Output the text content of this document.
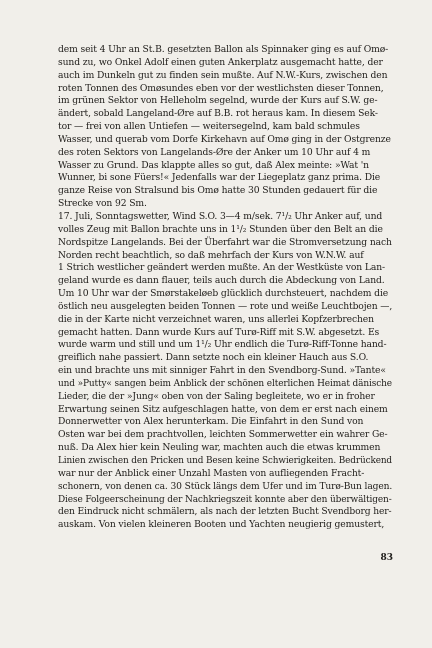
dem seit 4 Uhr an St.B. gesetzten Ballon als Spinnaker ging es auf Omø-
sund zu, wo Onkel Adolf einen guten Ankerplatz ausgemacht hatte, der
auch im Dunkeln gut zu finden sein mußte. Auf N.W.-Kurs, zwischen den
roten Tonnen des Omøsundes eben vor der westlichsten dieser Tonnen,
im grünen Sektor von Helleholm segelnd, wurde der Kurs auf S.W. ge-
ändert, sobald Langeland-Øre auf B.B. rot heraus kam. In diesem Sek-
tor — frei von allen Untiefen — weitersegelnd, kam bald schmules
Wasser, und querab vom Dorfe Kirkehavn auf Omø ging in der Ostgrenze
des roten Sektors von Langelands-Øre der Anker um 10 Uhr auf 4 m
Wasser zu Grund. Das klappte alles so gut, daß Alex meinte: »Wat 'n
Wunner, bi sone Füers!« Jedenfalls war der Liegeplatz ganz prima. Die
ganze Reise von Stralsund bis Omø hatte 30 Stunden gedauert für die
Strecke von 92 Sm.
17. Juli, Sonntagswetter, Wind S.O. 3—4 m/sek. 7¹/₂ Uhr Anker auf, und
volles Zeug mit Ballon brachte uns in 1¹/₂ Stunden über den Belt an die
Nordspitze Langelands. Bei der Überfahrt war die Stromversetzung nach
Norden recht beachtlich, so daß mehrfach der Kurs von W.N.W. auf
1 Strich westlicher geändert werden mußte. An der Westküste von Lan-
geland wurde es dann flauer, teils auch durch die Abdeckung von Land.
Um 10 Uhr war der Smørstakeløeb glücklich durchsteuert, nachdem die
östlich neu ausgelegten beiden Tonnen — rote und weiße Leuchtbojen —,
die in der Karte nicht verzeichnet waren, uns allerlei Kopfzerbrechen
gemacht hatten. Dann wurde Kurs auf Turø-Riff mit S.W. abgesetzt. Es
wurde warm und still und um 1¹/₂ Uhr endlich die Turø-Riff-Tonne hand-
greiflich nahe passiert. Dann setzte noch ein kleiner Hauch aus S.O.
ein und brachte uns mit sinniger Fahrt in den Svendborg-Sund. »Tante«
und »Putty« sangen beim Anblick der schönen elterlichen Heimat dänische
Lieder, die der »Jung« oben von der Saling begleitete, wo er in froher
Erwartung seinen Sitz aufgeschlagen hatte, von dem er erst nach einem
Donnerwetter von Alex herunterkam. Die Einfahrt in den Sund von
Osten war bei dem prachtvollen, leichten Sommerwetter ein wahrer Ge-
nuß. Da Alex hier kein Neuling war, machten auch die etwas krummen
Linien zwischen den Pricken und Besen keine Schwierigkeiten. Bedrückend
war nur der Anblick einer Unzahl Masten von aufliegenden Fracht-
schonern, von denen ca. 30 Stück längs dem Ufer und im Turø-Bun lagen.
Diese Folgeerscheinung der Nachkriegszeit konnte aber den überwältigen-
den Eindruck nicht schmälern, als nach der letzten Bucht Svendborg her-
auskam. Von vielen kleineren Booten und Yachten neugierig gemustert,
83
